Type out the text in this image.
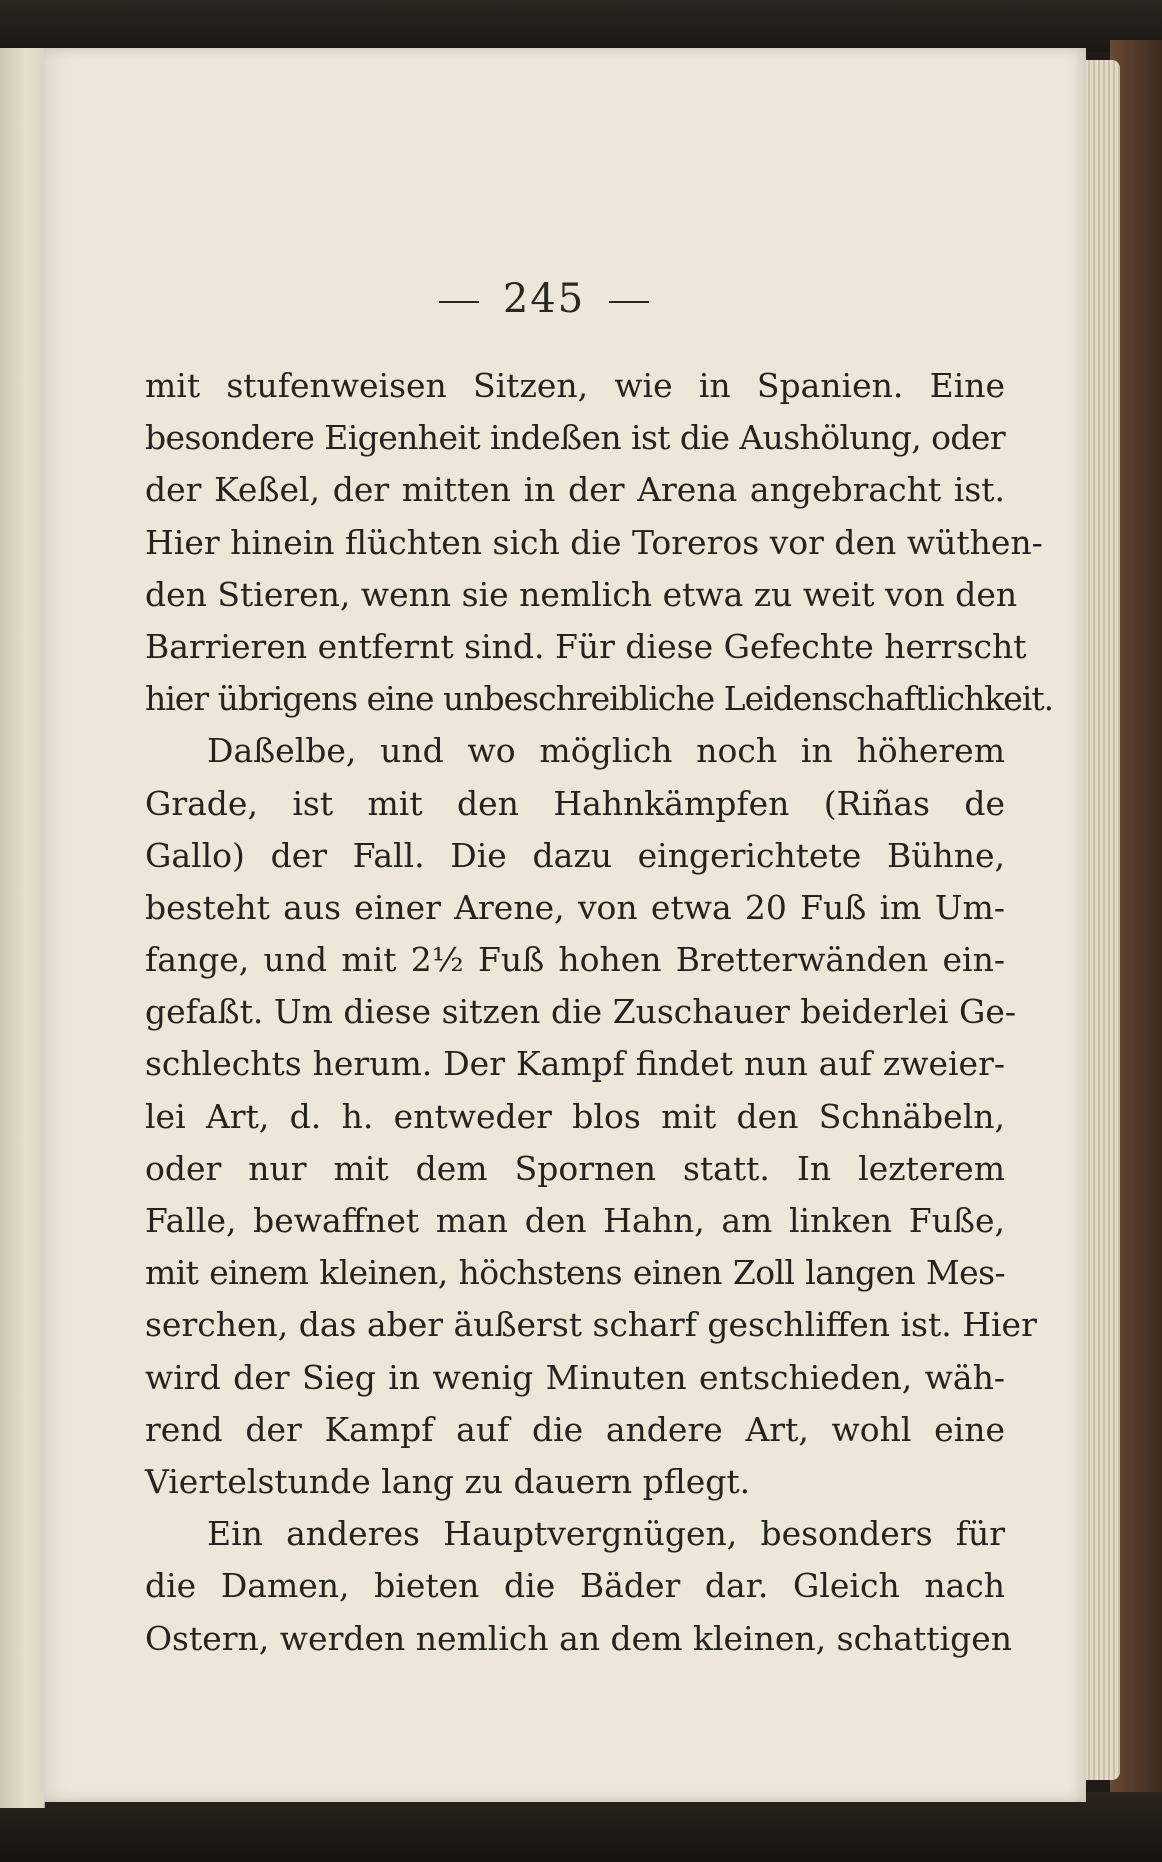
245
mit stufenweisen Sitzen, wie in Spanien. Eine
besondere Eigenheit indeßen ist die Aushölung, oder
der Keßel, der mitten in der Arena angebracht ist.
Hier hinein flüchten sich die Toreros vor den wüthen-
den Stieren, wenn sie nemlich etwa zu weit von den
Barrieren entfernt sind. Für diese Gefechte herrscht
hier übrigens eine unbeschreibliche Leidenschaftlichkeit.
Daßelbe, und wo möglich noch in höherem
Grade, ist mit den Hahnkämpfen (Riñas de
Gallo) der Fall. Die dazu eingerichtete Bühne,
besteht aus einer Arene, von etwa 20 Fuß im Um-
fange, und mit 2½ Fuß hohen Bretterwänden ein-
gefaßt. Um diese sitzen die Zuschauer beiderlei Ge-
schlechts herum. Der Kampf findet nun auf zweier-
lei Art, d. h. entweder blos mit den Schnäbeln,
oder nur mit dem Spornen statt. In lezterem
Falle, bewaffnet man den Hahn, am linken Fuße,
mit einem kleinen, höchstens einen Zoll langen Mes-
serchen, das aber äußerst scharf geschliffen ist. Hier
wird der Sieg in wenig Minuten entschieden, wäh-
rend der Kampf auf die andere Art, wohl eine
Viertelstunde lang zu dauern pflegt.
Ein anderes Hauptvergnügen, besonders für
die Damen, bieten die Bäder dar. Gleich nach
Ostern, werden nemlich an dem kleinen, schattigen
